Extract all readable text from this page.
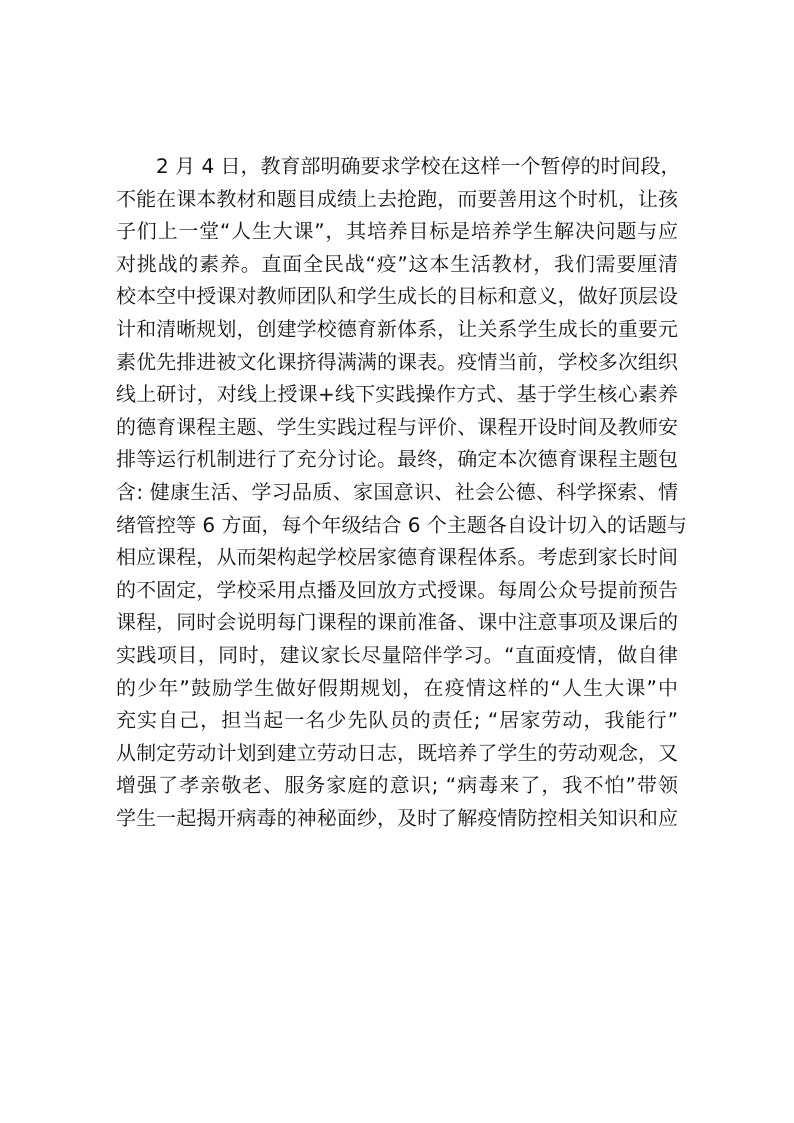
2 月 4 日，教育部明确要求学校在这样一个暂停的时间段，
不能在课本教材和题目成绩上去抢跑，而要善用这个时机，让孩
子们上一堂“人生大课”，其培养目标是培养学生解决问题与应
对挑战的素养。直面全民战“疫”这本生活教材，我们需要厘清
校本空中授课对教师团队和学生成长的目标和意义，做好顶层设
计和清晰规划，创建学校德育新体系，让关系学生成长的重要元
素优先排进被文化课挤得满满的课表。疫情当前，学校多次组织
线上研讨，对线上授课+线下实践操作方式、基于学生核心素养
的德育课程主题、学生实践过程与评价、课程开设时间及教师安
排等运行机制进行了充分讨论。最终，确定本次德育课程主题包
含: 健康生活、学习品质、家国意识、社会公德、科学探索、情
绪管控等 6 方面，每个年级结合 6 个主题各自设计切入的话题与
相应课程，从而架构起学校居家德育课程体系。考虑到家长时间
的不固定，学校采用点播及回放方式授课。每周公众号提前预告
课程，同时会说明每门课程的课前准备、课中注意事项及课后的
实践项目，同时，建议家长尽量陪伴学习。“直面疫情，做自律
的少年”鼓励学生做好假期规划，在疫情这样的“人生大课”中
充实自己，担当起一名少先队员的责任; “居家劳动，我能行”
从制定劳动计划到建立劳动日志，既培养了学生的劳动观念，又
增强了孝亲敬老、服务家庭的意识; “病毒来了，我不怕”带领
学生一起揭开病毒的神秘面纱，及时了解疫情防控相关知识和应
